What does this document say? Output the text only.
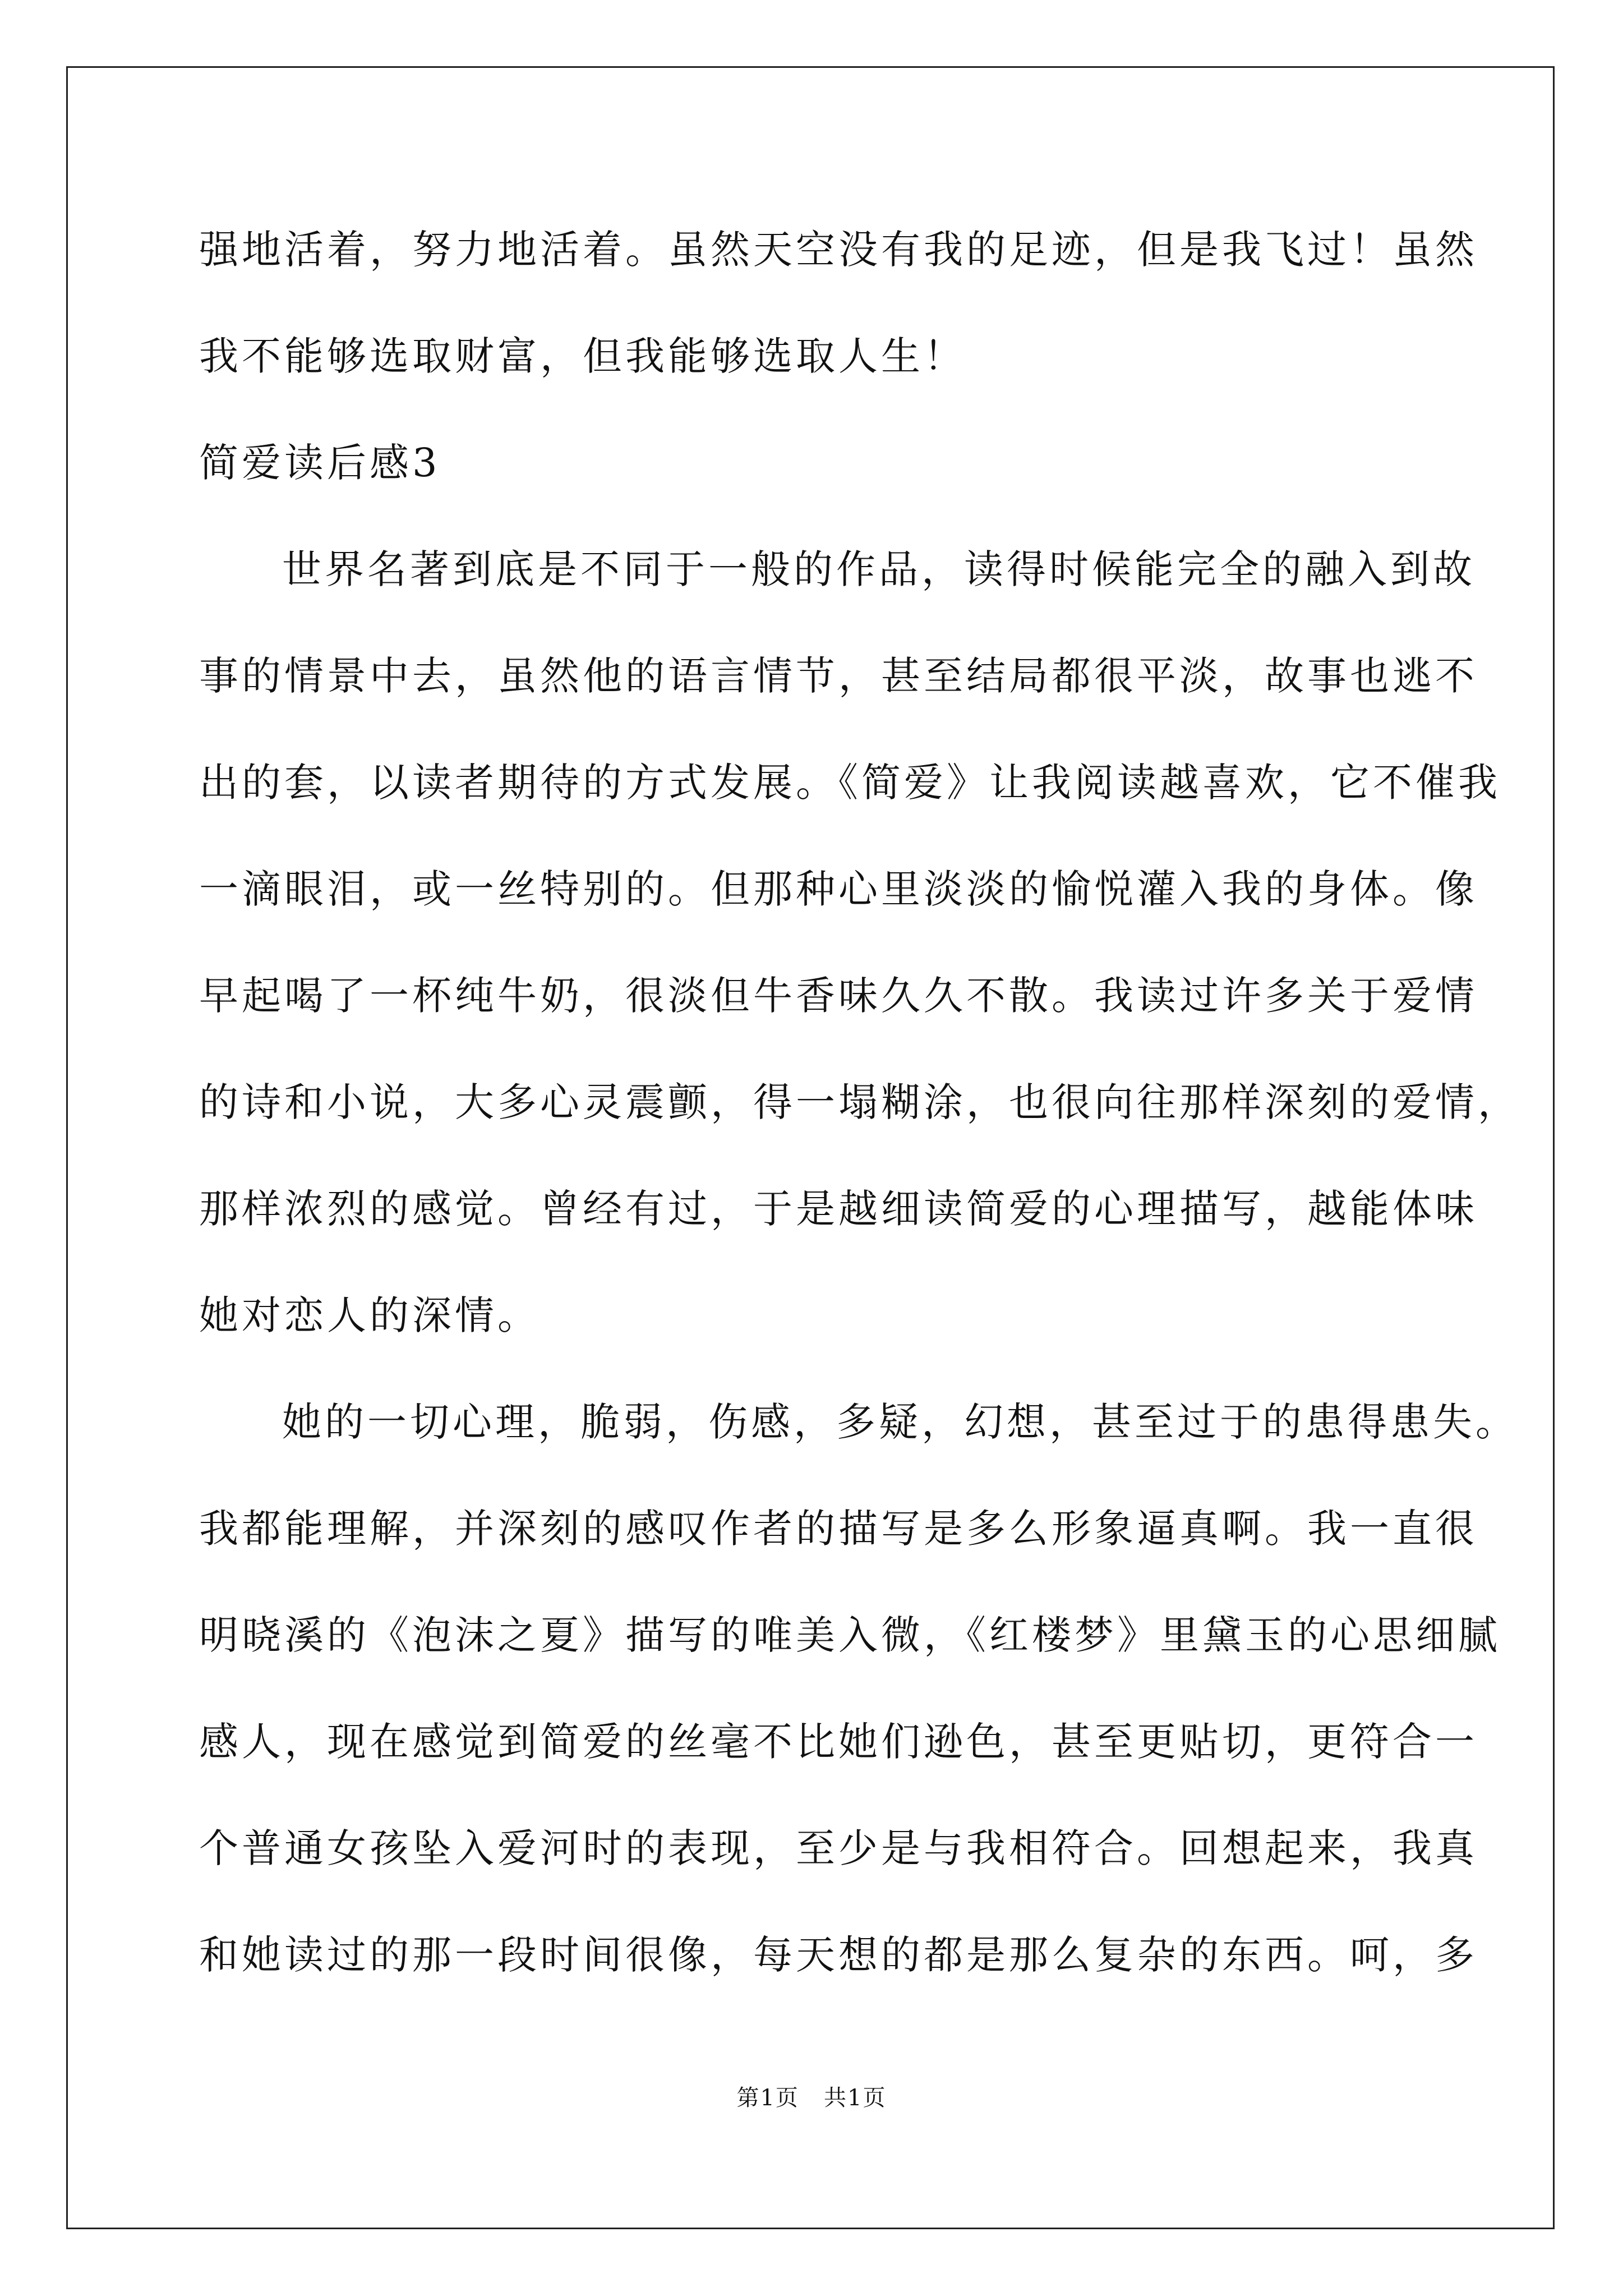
强地活着，努力地活着。虽然天空没有我的足迹，但是我飞过！虽然
我不能够选取财富，但我能够选取人生！
简爱读后感3
世界名著到底是不同于一般的作品，读得时候能完全的融入到故
事的情景中去，虽然他的语言情节，甚至结局都很平淡，故事也逃不
出的套，以读者期待的方式发展。《简爱》让我阅读越喜欢，它不催我
一滴眼泪，或一丝特别的。但那种心里淡淡的愉悦灌入我的身体。像
早起喝了一杯纯牛奶，很淡但牛香味久久不散。我读过许多关于爱情
的诗和小说，大多心灵震颤，得一塌糊涂，也很向往那样深刻的爱情，
那样浓烈的感觉。曾经有过，于是越细读简爱的心理描写，越能体味
她对恋人的深情。
她的一切心理，脆弱，伤感，多疑，幻想，甚至过于的患得患失。
我都能理解，并深刻的感叹作者的描写是多么形象逼真啊。我一直很
明晓溪的《泡沫之夏》描写的唯美入微，《红楼梦》里黛玉的心思细腻
感人，现在感觉到简爱的丝毫不比她们逊色，甚至更贴切，更符合一
个普通女孩坠入爱河时的表现，至少是与我相符合。回想起来，我真
和她读过的那一段时间很像，每天想的都是那么复杂的东西。呵，多
第1页   共1页
